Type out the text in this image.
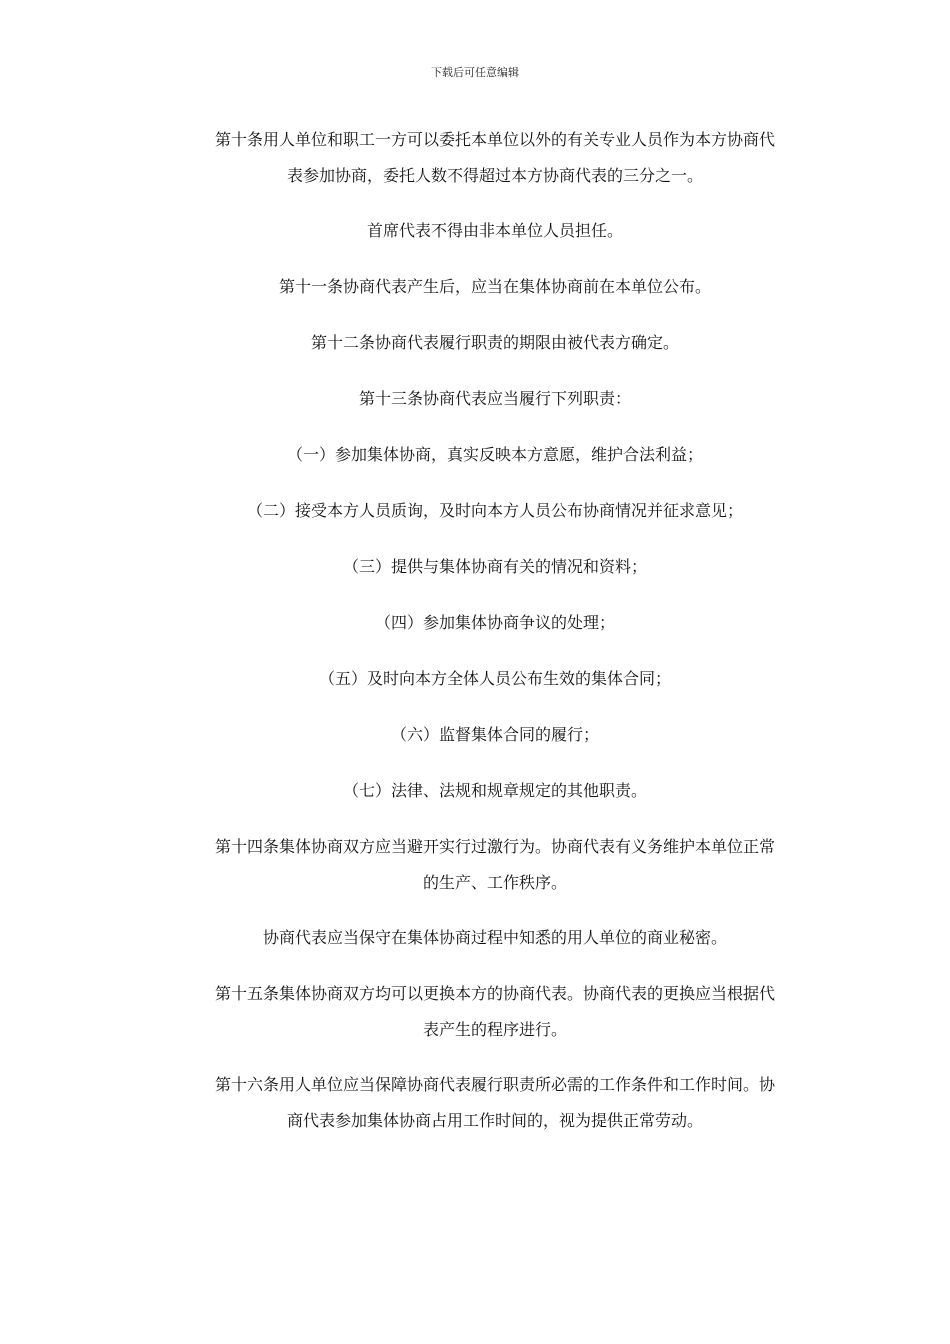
下载后可任意编辑

第十条用人单位和职工一方可以委托本单位以外的有关专业人员作为本方协商代
表参加协商，委托人数不得超过本方协商代表的三分之一。

首席代表不得由非本单位人员担任。

第十一条协商代表产生后，应当在集体协商前在本单位公布。

第十二条协商代表履行职责的期限由被代表方确定。

第十三条协商代表应当履行下列职责：

（一）参加集体协商，真实反映本方意愿，维护合法利益；

（二）接受本方人员质询，及时向本方人员公布协商情况并征求意见；

（三）提供与集体协商有关的情况和资料；

（四）参加集体协商争议的处理；

（五）及时向本方全体人员公布生效的集体合同；

（六）监督集体合同的履行；

（七）法律、法规和规章规定的其他职责。

第十四条集体协商双方应当避开实行过激行为。协商代表有义务维护本单位正常
的生产、工作秩序。

协商代表应当保守在集体协商过程中知悉的用人单位的商业秘密。

第十五条集体协商双方均可以更换本方的协商代表。协商代表的更换应当根据代
表产生的程序进行。

第十六条用人单位应当保障协商代表履行职责所必需的工作条件和工作时间。协
商代表参加集体协商占用工作时间的，视为提供正常劳动。
